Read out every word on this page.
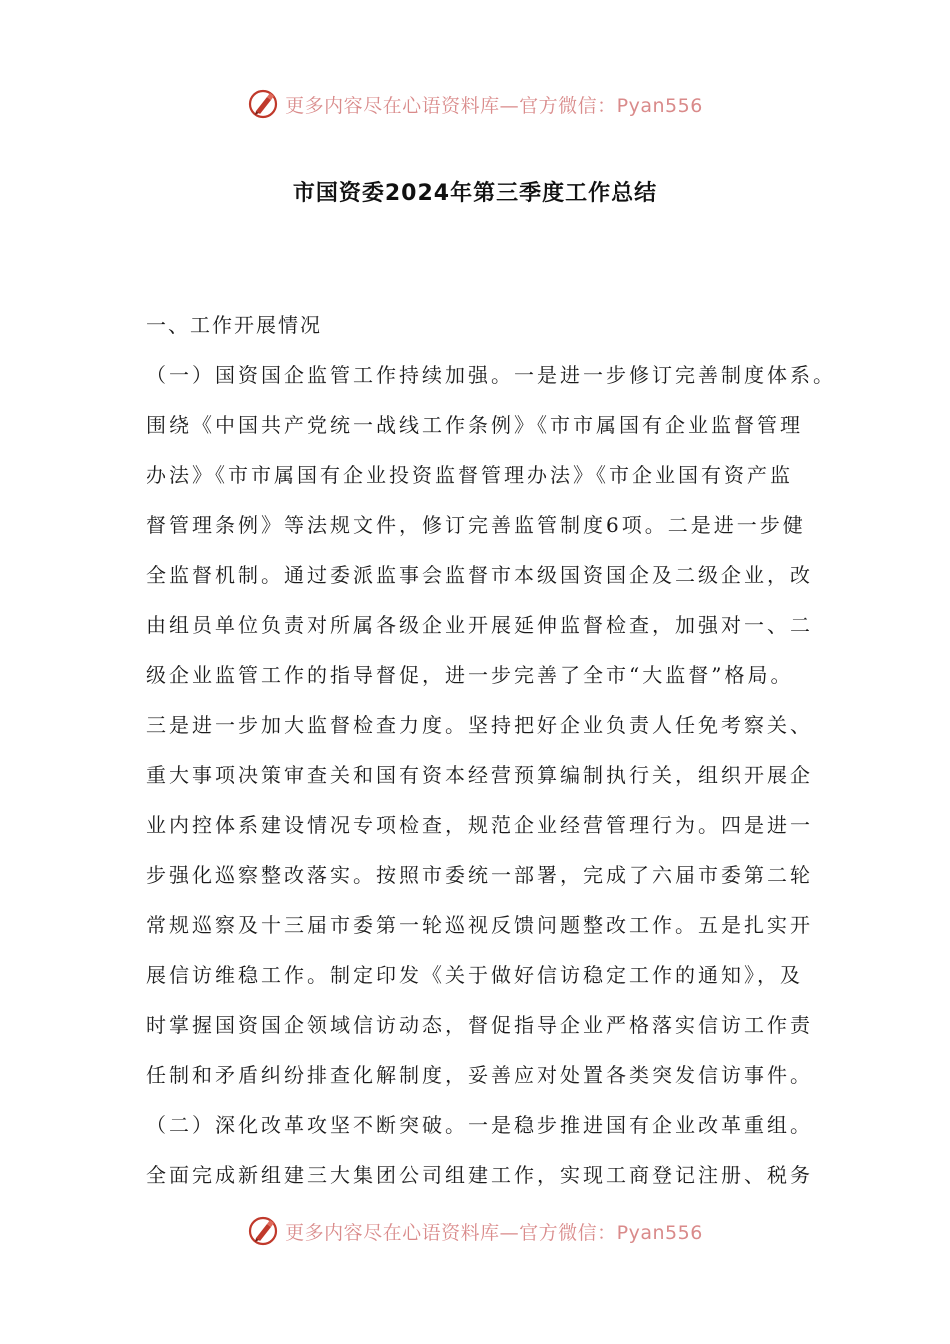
更多内容尽在心语资料库—官方微信：Pyan556
市国资委2024年第三季度工作总结
一、工作开展情况
（一）国资国企监管工作持续加强。一是进一步修订完善制度体系。
围绕《中国共产党统一战线工作条例》《市市属国有企业监督管理
办法》《市市属国有企业投资监督管理办法》《市企业国有资产监
督管理条例》等法规文件，修订完善监管制度6项。二是进一步健
全监督机制。通过委派监事会监督市本级国资国企及二级企业，改
由组员单位负责对所属各级企业开展延伸监督检查，加强对一、二
级企业监管工作的指导督促，进一步完善了全市“大监督”格局。
三是进一步加大监督检查力度。坚持把好企业负责人任免考察关、
重大事项决策审查关和国有资本经营预算编制执行关，组织开展企
业内控体系建设情况专项检查，规范企业经营管理行为。四是进一
步强化巡察整改落实。按照市委统一部署，完成了六届市委第二轮
常规巡察及十三届市委第一轮巡视反馈问题整改工作。五是扎实开
展信访维稳工作。制定印发《关于做好信访稳定工作的通知》，及
时掌握国资国企领域信访动态，督促指导企业严格落实信访工作责
任制和矛盾纠纷排查化解制度，妥善应对处置各类突发信访事件。
（二）深化改革攻坚不断突破。一是稳步推进国有企业改革重组。
全面完成新组建三大集团公司组建工作，实现工商登记注册、税务
更多内容尽在心语资料库—官方微信：Pyan556
